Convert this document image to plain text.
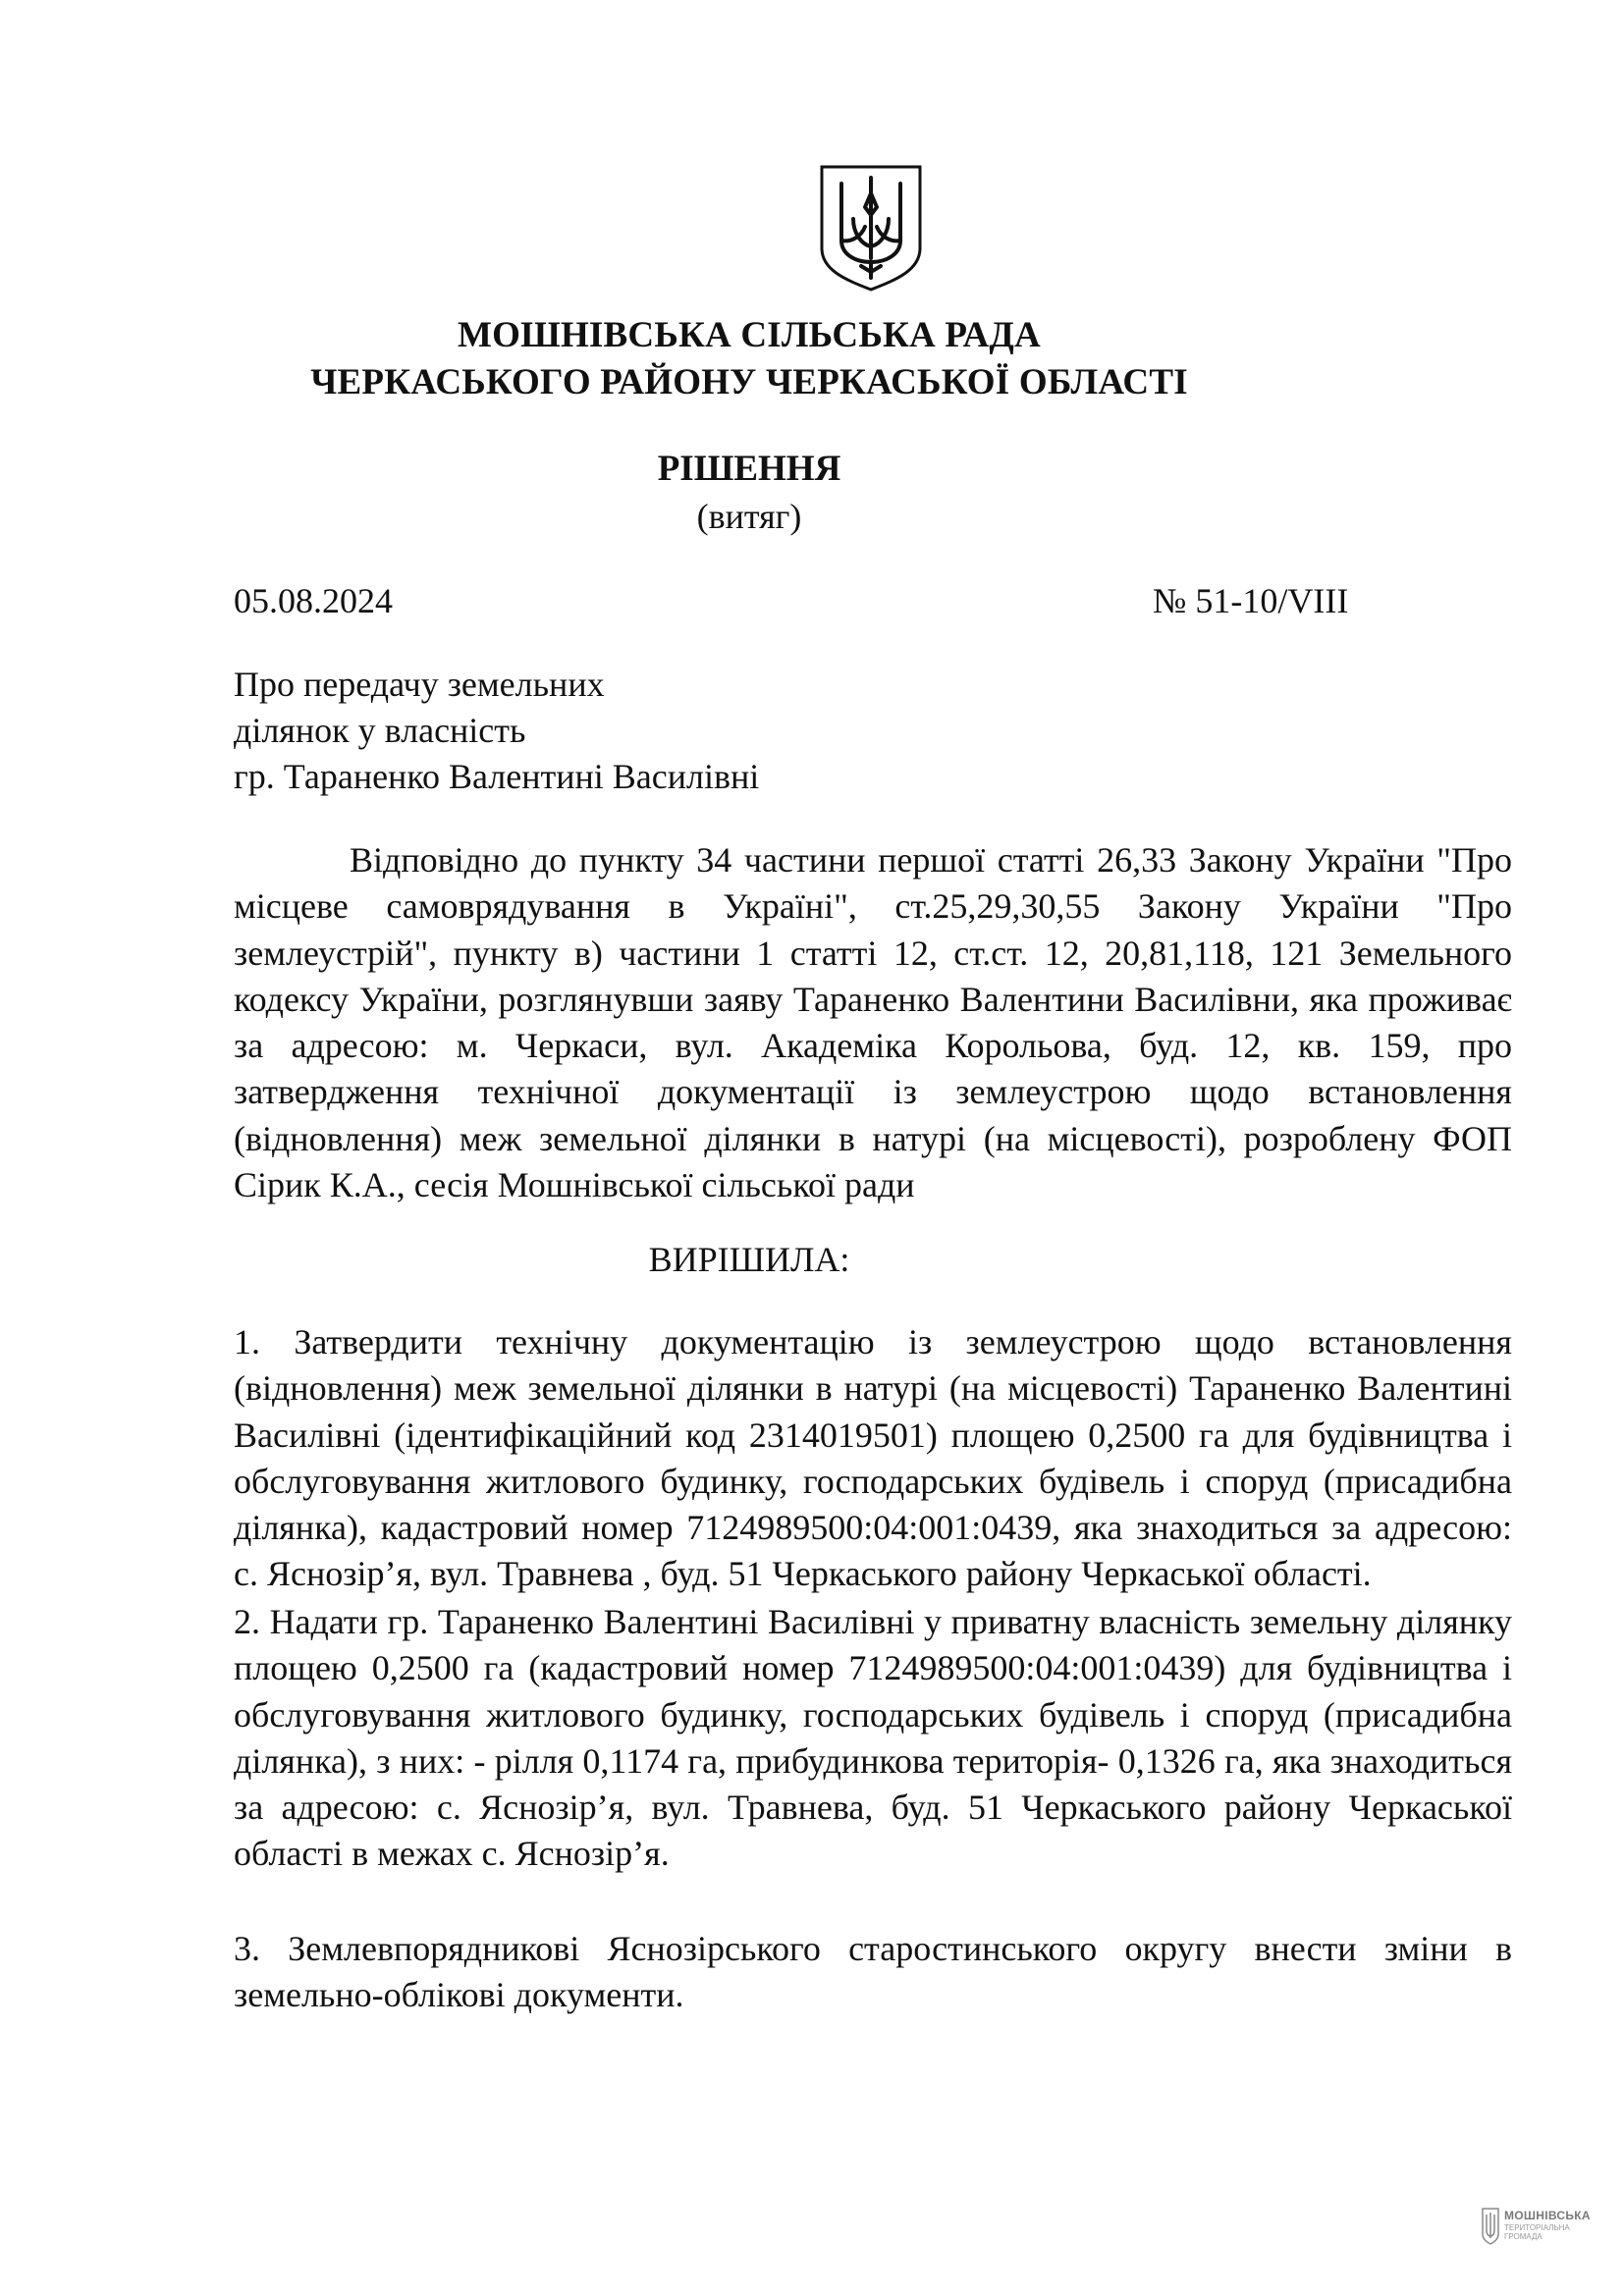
МОШНІВСЬКА СІЛЬСЬКА РАДА
ЧЕРКАСЬКОГО РАЙОНУ ЧЕРКАСЬКОЇ ОБЛАСТІ
РІШЕННЯ
(витяг)
05.08.2024	№ 51-10/VIII
Про передачу земельних
ділянок у власність
гр. Тараненко Валентині Василівні
Відповідно до пункту 34 частини першої статті 26,33 Закону України "Про місцеве самоврядування в Україні", ст.25,29,30,55 Закону України "Про землеустрій", пункту в) частини 1 статті 12, ст.ст. 12, 20,81,118, 121 Земельного кодексу України, розглянувши заяву Тараненко Валентини Василівни, яка проживає за адресою: м. Черкаси, вул. Академіка Корольова, буд. 12, кв. 159, про затвердження технічної документації із землеустрою щодо встановлення (відновлення) меж земельної ділянки в натурі (на місцевості), розроблену ФОП Сірик К.А., сесія Мошнівської сільської ради
ВИРІШИЛА:
1. Затвердити технічну документацію із землеустрою щодо встановлення (відновлення) меж земельної ділянки в натурі (на місцевості) Тараненко Валентині Василівні (ідентифікаційний код 2314019501) площею 0,2500 га для будівництва і обслуговування житлового будинку, господарських будівель і споруд (присадибна ділянка), кадастровий номер 7124989500:04:001:0439, яка знаходиться за адресою: с. Яснозір’я, вул. Травнева , буд. 51 Черкаського району Черкаської області.
2. Надати гр. Тараненко Валентині Василівні у приватну власність земельну ділянку площею 0,2500 га (кадастровий номер 7124989500:04:001:0439) для будівництва і обслуговування житлового будинку, господарських будівель і споруд (присадибна ділянка), з них: - рілля 0,1174 га, прибудинкова територія- 0,1326 га, яка знаходиться за адресою: с. Яснозір’я, вул. Травнева, буд. 51 Черкаського району Черкаської області в межах с. Яснозір’я.
3. Землевпорядникові Яснозірського старостинського округу внести зміни в земельно-облікові документи.
МОШНІВСЬКА
ТЕРИТОРІАЛЬНА
ГРОМАДА
